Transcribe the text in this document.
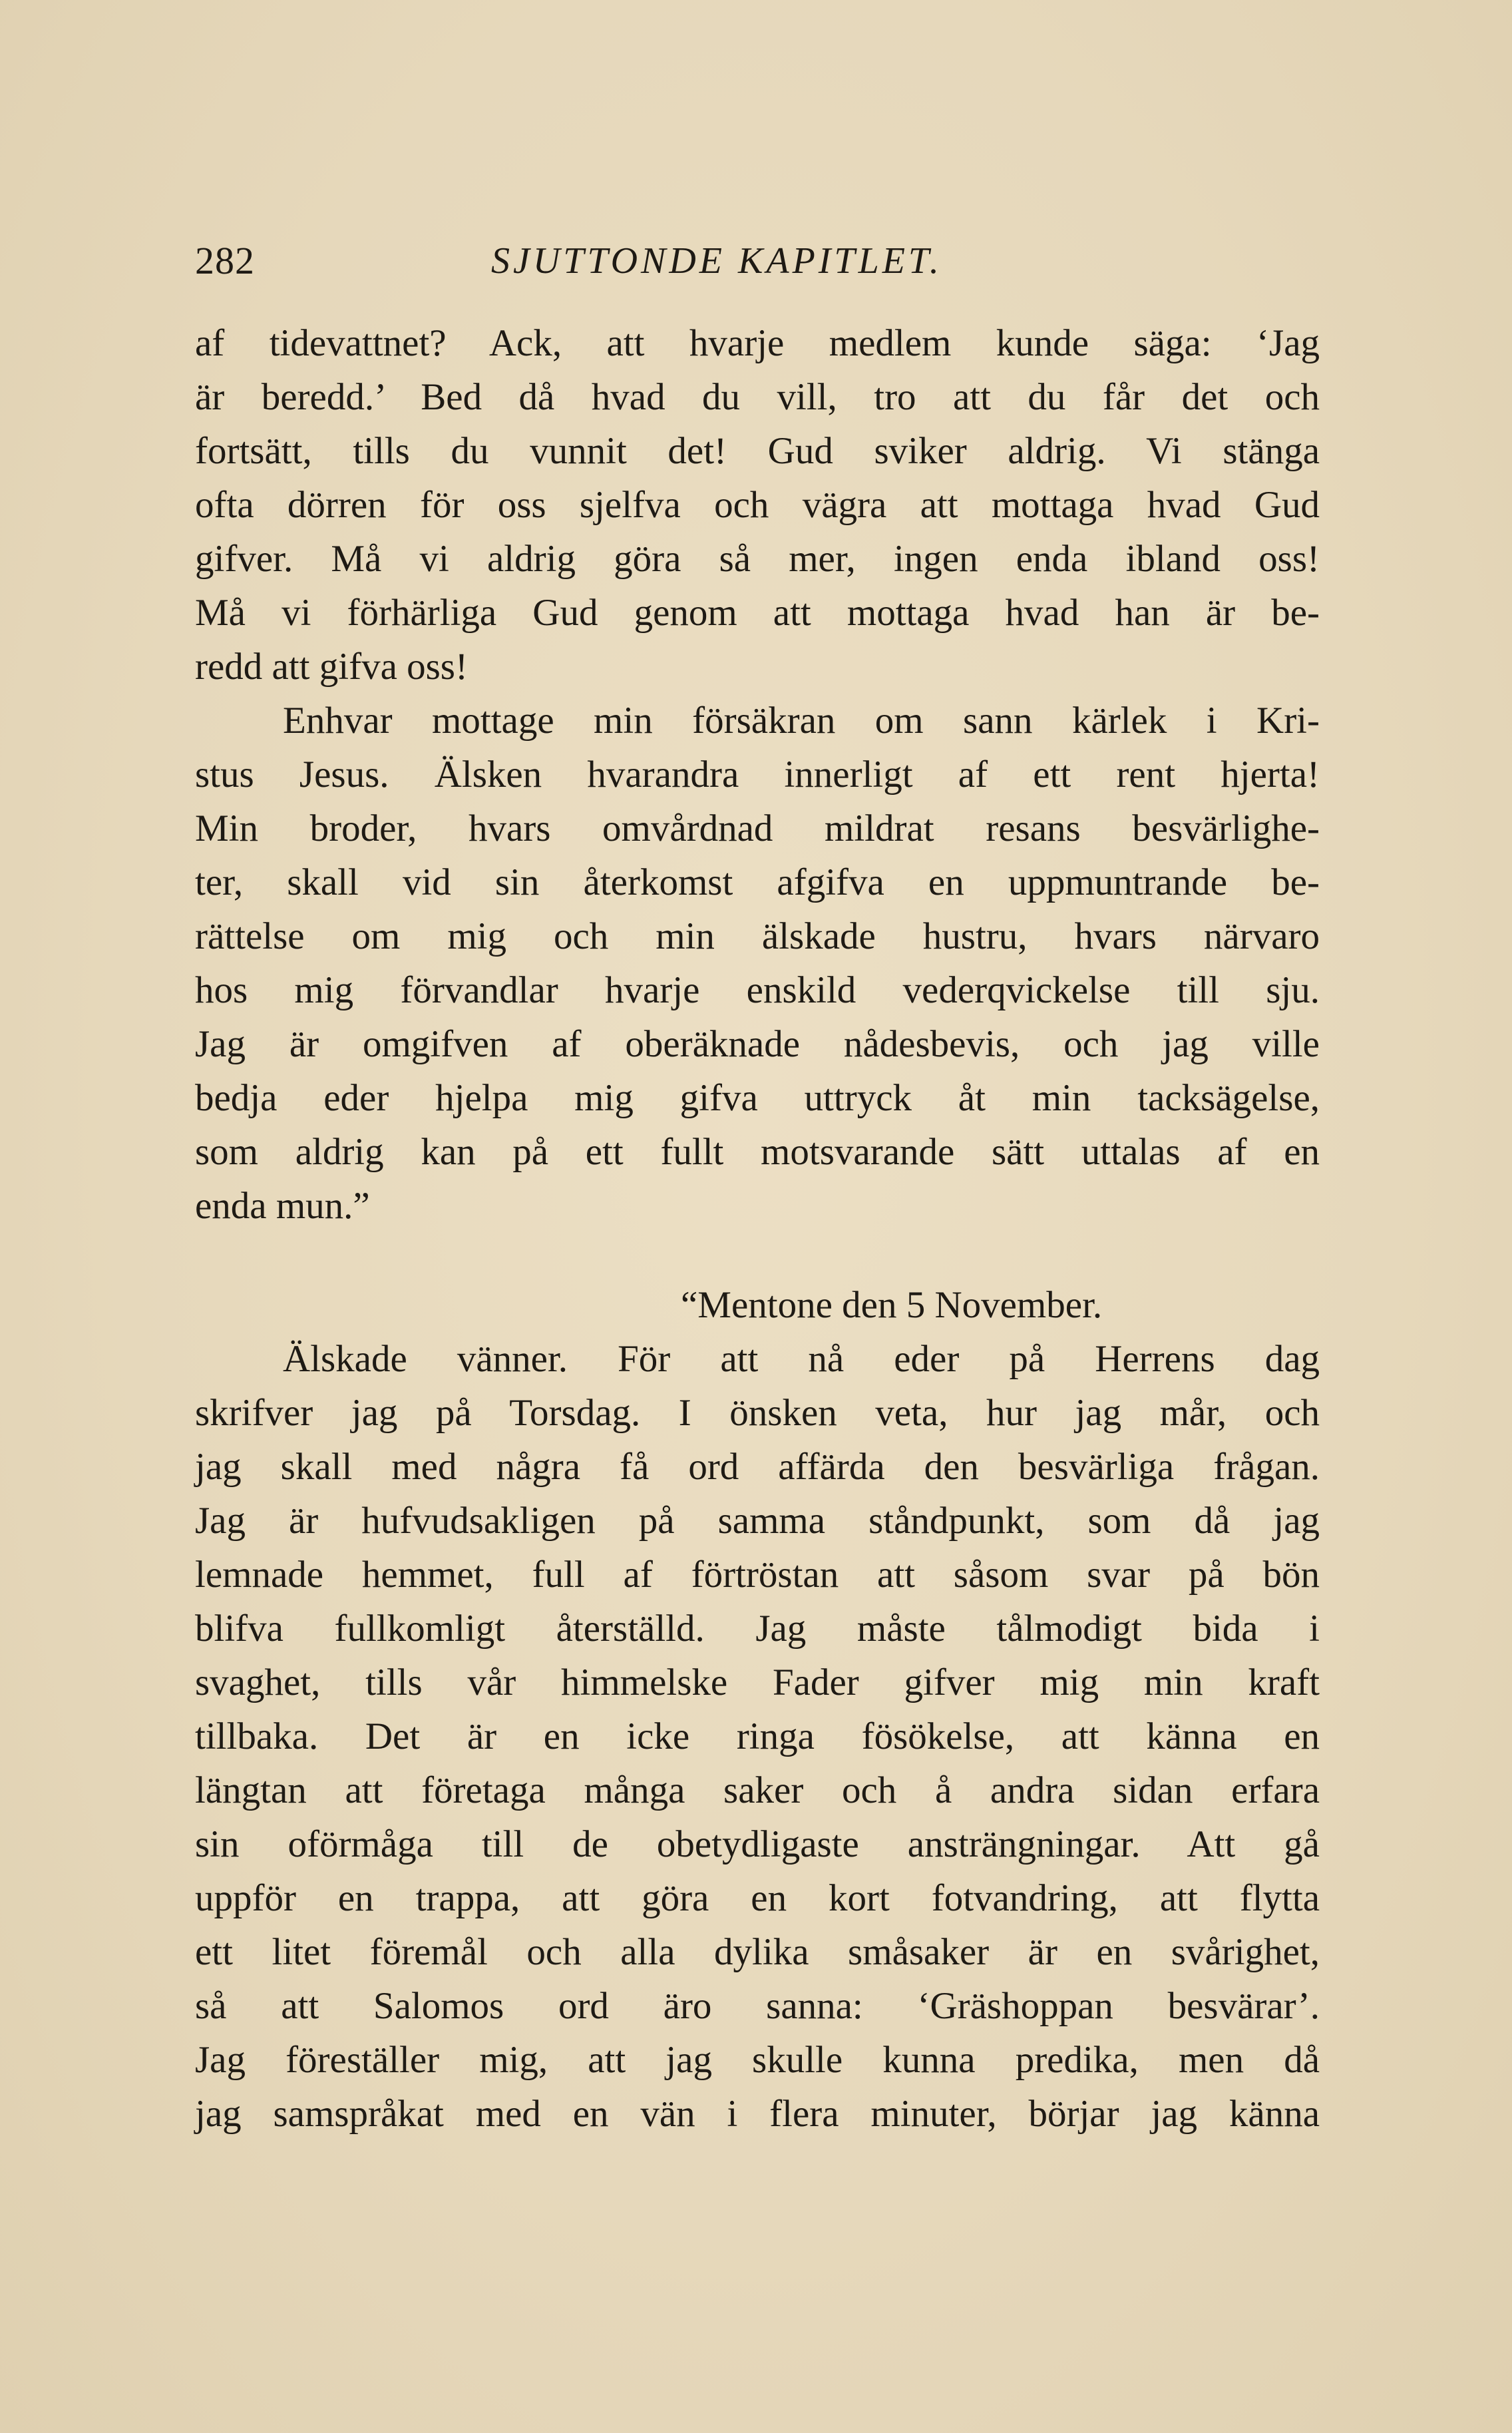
282	SJUTTONDE KAPITLET.
af tidevattnet? Ack, att hvarje medlem kunde säga: ‘Jag
är beredd.’ Bed då hvad du vill, tro att du får det och
fortsätt, tills du vunnit det! Gud sviker aldrig. Vi stänga
ofta dörren för oss sjelfva och vägra att mottaga hvad Gud
gifver. Må vi aldrig göra så mer, ingen enda ibland oss!
Må vi förhärliga Gud genom att mottaga hvad han är be-
redd att gifva oss!
Enhvar mottage min försäkran om sann kärlek i Kri-
stus Jesus. Älsken hvarandra innerligt af ett rent hjerta!
Min broder, hvars omvårdnad mildrat resans besvärlighe-
ter, skall vid sin återkomst afgifva en uppmuntrande be-
rättelse om mig och min älskade hustru, hvars närvaro
hos mig förvandlar hvarje enskild vederqvickelse till sju.
Jag är omgifven af oberäknade nådesbevis, och jag ville
bedja eder hjelpa mig gifva uttryck åt min tacksägelse,
som aldrig kan på ett fullt motsvarande sätt uttalas af en
enda mun.”
“Mentone den 5 November.
Älskade vänner. För att nå eder på Herrens dag
skrifver jag på Torsdag. I önsken veta, hur jag mår, och
jag skall med några få ord affärda den besvärliga frågan.
Jag är hufvudsakligen på samma ståndpunkt, som då jag
lemnade hemmet, full af förtröstan att såsom svar på bön
blifva fullkomligt återställd. Jag måste tålmodigt bida i
svaghet, tills vår himmelske Fader gifver mig min kraft
tillbaka. Det är en icke ringa fösökelse, att känna en
längtan att företaga många saker och å andra sidan erfara
sin oförmåga till de obetydligaste ansträngningar. Att gå
uppför en trappa, att göra en kort fotvandring, att flytta
ett litet föremål och alla dylika småsaker är en svårighet,
så att Salomos ord äro sanna: ‘Gräshoppan besvärar’.
Jag föreställer mig, att jag skulle kunna predika, men då
jag samspråkat med en vän i flera minuter, börjar jag känna
